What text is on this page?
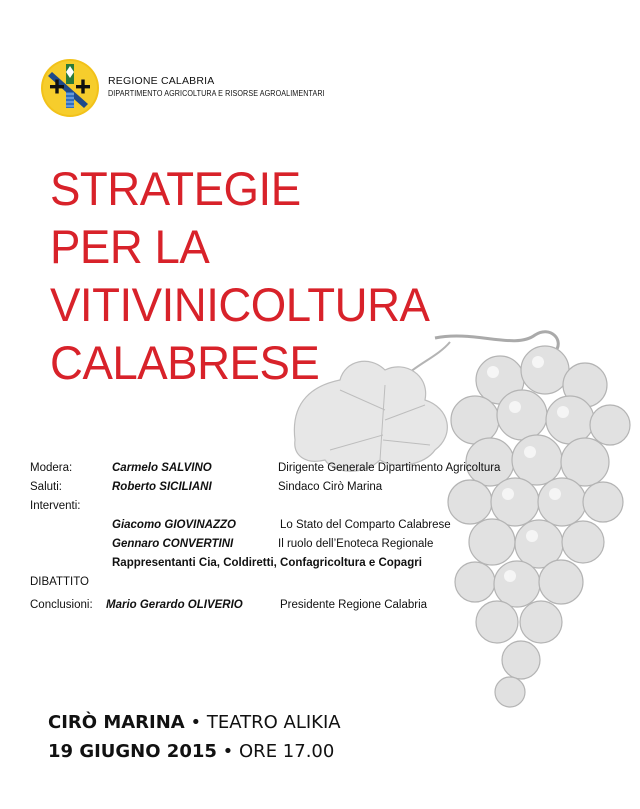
REGIONE CALABRIA
DIPARTIMENTO AGRICOLTURA E RISORSE AGROALIMENTARI
STRATEGIE
PER LA
VITIVINICOLTURA
CALABRESE
Modera:	Carmelo SALVINO	Dirigente Generale Dipartimento Agricoltura
Saluti:	Roberto SICILIANI	Sindaco Cirò Marina
Interventi:
Giacomo GIOVINAZZO	Lo Stato del Comparto Calabrese
Gennaro CONVERTINI	Il ruolo dell’Enoteca Regionale
Rappresentanti Cia, Coldiretti, Confagricoltura e Copagri
DIBATTITO
Conclusioni: Mario Gerardo OLIVERIO	Presidente Regione Calabria
CIRÒ MARINA • TEATRO ALIKIA
19 GIUGNO 2015 • ORE 17.00
